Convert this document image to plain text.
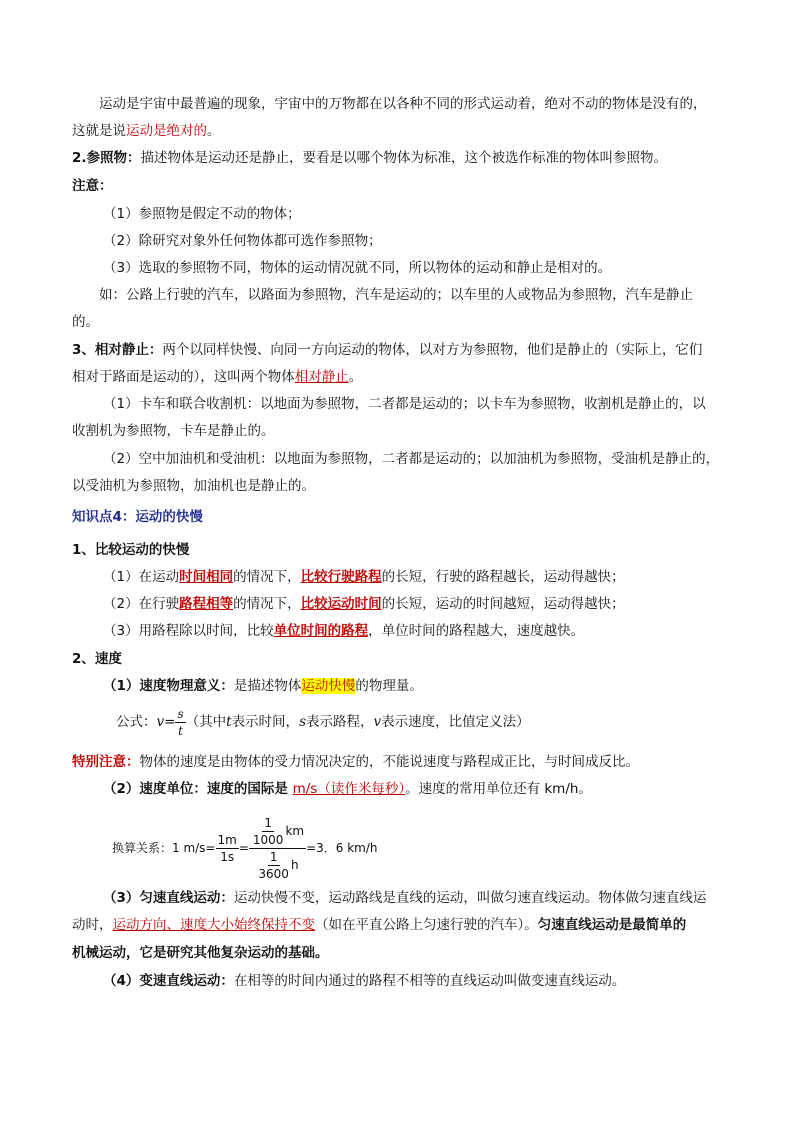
运动是宇宙中最普遍的现象，宇宙中的万物都在以各种不同的形式运动着，绝对不动的物体是没有的，
这就是说运动是绝对的。
2.参照物：描述物体是运动还是静止，要看是以哪个物体为标准，这个被选作标准的物体叫参照物。
注意：
（1）参照物是假定不动的物体；
（2）除研究对象外任何物体都可选作参照物；
（3）选取的参照物不同，物体的运动情况就不同，所以物体的运动和静止是相对的。
如：公路上行驶的汽车，以路面为参照物，汽车是运动的；以车里的人或物品为参照物，汽车是静止
的。
3、相对静止：两个以同样快慢、向同一方向运动的物体，以对方为参照物，他们是静止的（实际上，它们
相对于路面是运动的），这叫两个物体相对静止。
（1）卡车和联合收割机：以地面为参照物，二者都是运动的；以卡车为参照物，收割机是静止的，以
收割机为参照物，卡车是静止的。
（2）空中加油机和受油机：以地面为参照物，二者都是运动的；以加油机为参照物，受油机是静止的，
以受油机为参照物，加油机也是静止的。
知识点4：运动的快慢
1、比较运动的快慢
（1）在运动时间相同的情况下，比较行驶路程的长短，行驶的路程越长，运动得越快；
（2）在行驶路程相等的情况下，比较运动时间的长短，运动的时间越短，运动得越快；
（3）用路程除以时间，比较单位时间的路程，单位时间的路程越大，速度越快。
2、速度
（1）速度物理意义：是描述物体运动快慢的物理量。
公式： $v = \frac{s}{t}$ （其中 t 表示时间， s 表示路程， v 表示速度，比值定义法）
特别注意：物体的速度是由物体的受力情况决定的，不能说速度与路程成正比，与时间成反比。
（2）速度单位：速度的国际是 m/s（读作米每秒）。速度的常用单位还有 km/h。
换算关系：1 $m/s= \frac{1m}{1s} = \frac{\frac{1}{1000} km}{\frac{1}{3600} h} =3$．6 km/h
（3）匀速直线运动：运动快慢不变，运动路线是直线的运动，叫做匀速直线运动。物体做匀速直线运
动时，运动方向、速度大小始终保持不变（如在平直公路上匀速行驶的汽车）。匀速直线运动是最简单的
机械运动，它是研究其他复杂运动的基础。
（4）变速直线运动：在相等的时间内通过的路程不相等的直线运动叫做变速直线运动。
